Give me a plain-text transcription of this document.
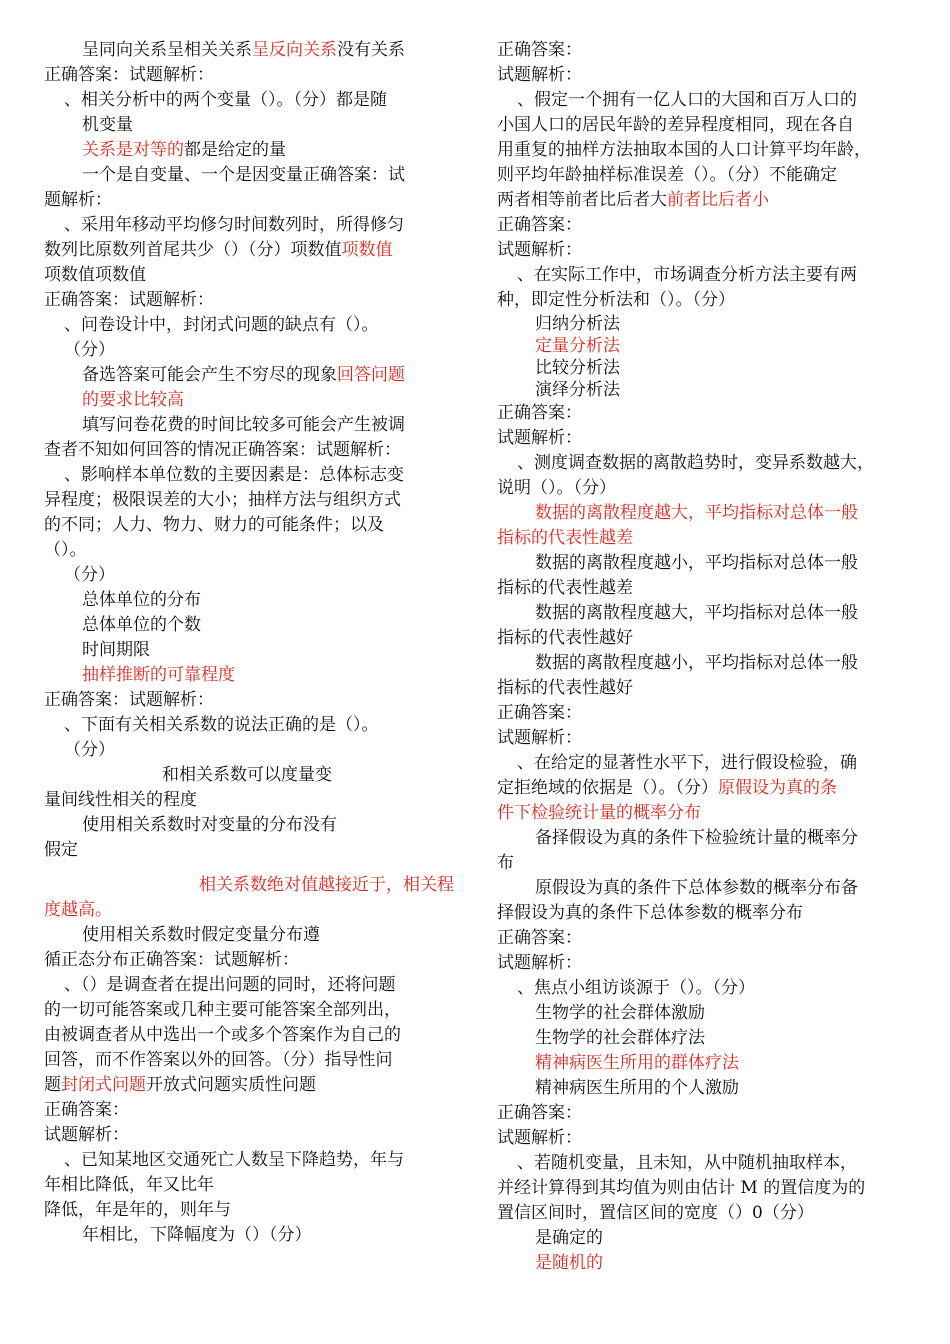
呈同向关系呈相关关系呈反向关系没有关系
正确答案：试题解析：
、相关分析中的两个变量（）。（分）都是随
机变量
关系是对等的都是给定的量
一个是自变量、一个是因变量正确答案：试
题解析：
、采用年移动平均修匀时间数列时，所得修匀
数列比原数列首尾共少（）（分）项数值项数值
项数值项数值
正确答案：试题解析：
、问卷设计中，封闭式问题的缺点有（）。
（分）
备选答案可能会产生不穷尽的现象回答问题
的要求比较高
填写问卷花费的时间比较多可能会产生被调
查者不知如何回答的情况正确答案：试题解析：
、影响样本单位数的主要因素是：总体标志变
异程度；极限误差的大小；抽样方法与组织方式
的不同；人力、物力、财力的可能条件；以及
（）。
（分）
总体单位的分布
总体单位的个数
时间期限
抽样推断的可靠程度
正确答案：试题解析：
、下面有关相关系数的说法正确的是（）。
（分）
和相关系数可以度量变
量间线性相关的程度
使用相关系数时对变量的分布没有
假定
相关系数绝对值越接近于，相关程
度越高。
使用相关系数时假定变量分布遵
循正态分布正确答案：试题解析：
、（）是调查者在提出问题的同时，还将问题
的一切可能答案或几种主要可能答案全部列出，
由被调查者从中选出一个或多个答案作为自己的
回答，而不作答案以外的回答。（分）指导性问
题封闭式问题开放式问题实质性问题
正确答案：
试题解析：
、已知某地区交通死亡人数呈下降趋势，年与
年相比降低，年又比年
降低，年是年的，则年与
年相比，下降幅度为（）（分）
正确答案：
试题解析：
、假定一个拥有一亿人口的大国和百万人口的
小国人口的居民年龄的差异程度相同，现在各自
用重复的抽样方法抽取本国的人口计算平均年龄，
则平均年龄抽样标准误差（）。（分）不能确定
两者相等前者比后者大前者比后者小
正确答案：
试题解析：
、在实际工作中，市场调查分析方法主要有两
种，即定性分析法和（）。（分）
归纳分析法
定量分析法
比较分析法
演绎分析法
正确答案：
试题解析：
、测度调查数据的离散趋势时，变异系数越大，
说明（）。（分）
数据的离散程度越大，平均指标对总体一般
指标的代表性越差
数据的离散程度越小，平均指标对总体一般
指标的代表性越差
数据的离散程度越大，平均指标对总体一般
指标的代表性越好
数据的离散程度越小，平均指标对总体一般
指标的代表性越好
正确答案：
试题解析：
、在给定的显著性水平下，进行假设检验，确
定拒绝域的依据是（）。（分）原假设为真的条
件下检验统计量的概率分布
备择假设为真的条件下检验统计量的概率分
布
原假设为真的条件下总体参数的概率分布备
择假设为真的条件下总体参数的概率分布
正确答案：
试题解析：
、焦点小组访谈源于（）。（分）
生物学的社会群体激励
生物学的社会群体疗法
精神病医生所用的群体疗法
精神病医生所用的个人激励
正确答案：
试题解析：
、若随机变量，且未知，从中随机抽取样本，
并经计算得到其均值为则由估计 M 的置信度为的
置信区间时，置信区间的宽度（）0（分）
是确定的
是随机的
